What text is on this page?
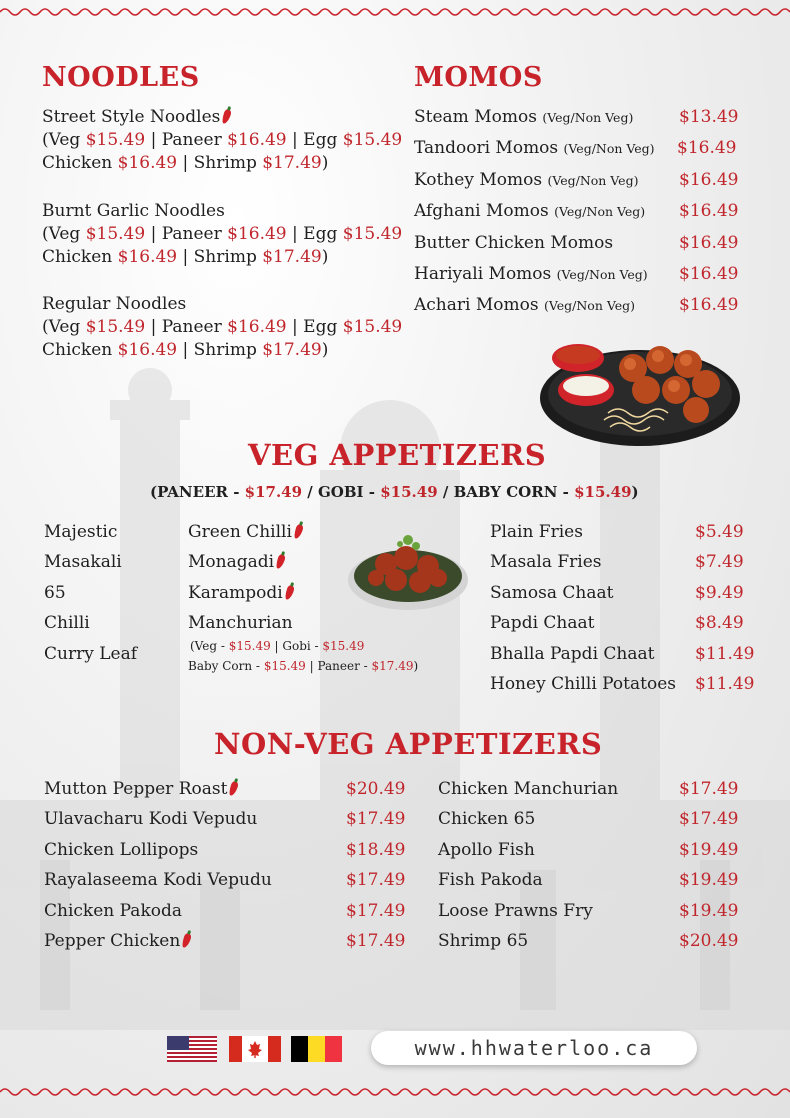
NOODLES
Street Style Noodles
(Veg $15.49 | Paneer $16.49 | Egg $15.49
Chicken $16.49 | Shrimp $17.49)
Burnt Garlic Noodles
(Veg $15.49 | Paneer $16.49 | Egg $15.49
Chicken $16.49 | Shrimp $17.49)
Regular Noodles
(Veg $15.49 | Paneer $16.49 | Egg $15.49
Chicken $16.49 | Shrimp $17.49)
MOMOS
Steam Momos (Veg/Non Veg)	$13.49
Tandoori Momos (Veg/Non Veg) $16.49
Kothey Momos (Veg/Non Veg) $16.49
Afghani Momos (Veg/Non Veg) $16.49
Butter Chicken Momos	$16.49
Hariyali Momos (Veg/Non Veg) $16.49
Achari Momos (Veg/Non Veg)	$16.49
VEG APPETIZERS
(PANEER - $17.49 / GOBI - $15.49 / BABY CORN - $15.49)
Majestic
Masakali
65
Chilli
Curry Leaf
Green Chilli
Monagadi
Karampodi
Manchurian
(Veg - $15.49 | Gobi - $15.49
Baby Corn - $15.49 | Paneer - $17.49)
Plain Fries	$5.49
Masala Fries	$7.49
Samosa Chaat	$9.49
Papdi Chaat	$8.49
Bhalla Papdi Chaat $11.49
Honey Chilli Potatoes $11.49
NON-VEG APPETIZERS
Mutton Pepper Roast	$20.49
Ulavacharu Kodi Vepudu	$17.49
Chicken Lollipops	$18.49
Rayalaseema Kodi Vepudu	$17.49
Chicken Pakoda	$17.49
Pepper Chicken	$17.49
Chicken Manchurian	$17.49
Chicken 65	$17.49
Apollo Fish	$19.49
Fish Pakoda	$19.49
Loose Prawns Fry	$19.49
Shrimp 65	$20.49
www.hhwaterloo.ca
